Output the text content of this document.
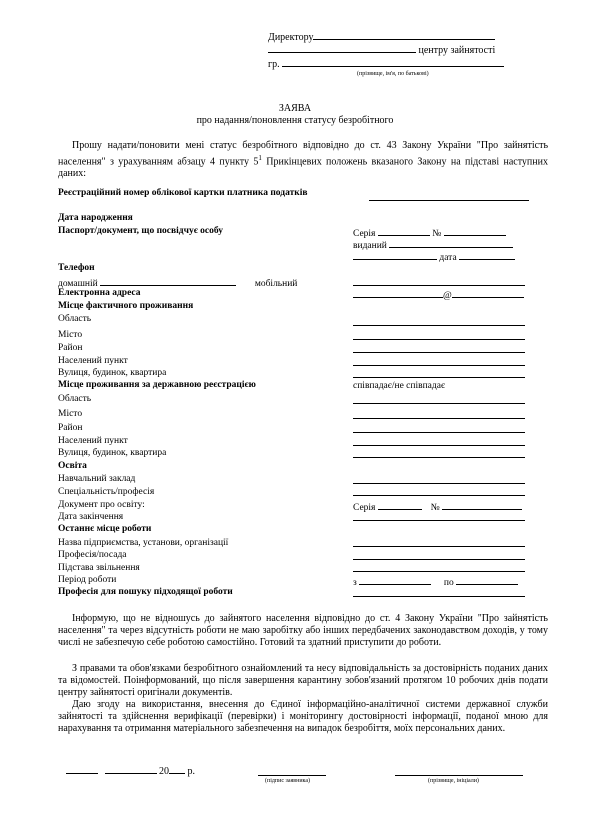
Директору
центру зайнятості
гр.
(прізвище, ім'я, по батькові)
ЗАЯВА
про надання/поновлення статусу безробітного
Прошу надати/поновити мені статус безробітного відповідно до ст. 43 Закону України "Про зайнятість населення" з урахуванням абзацу 4 пункту $5^1$ Прикінцевих положень вказаного Закону на підставі наступних даних:
Реєстраційний номер облікової картки платника податків
Дата народження
Паспорт/документ, що посвідчує особу	Серія	№
виданий
дата
Телефон
домашній	мобільний
Електронна адреса	@
Місце фактичного проживання
Область
Місто
Район
Населений пункт
Вулиця, будинок, квартира
Місце проживання за державною реєстрацією	співпадає/не співпадає
Область
Місто
Район
Населений пункт
Вулиця, будинок, квартира
Освіта
Навчальний заклад
Спеціальність/професія
Документ про освіту:	Серія	№
Дата закінчення
Останнє місце роботи
Назва підприємства, установи, організації
Професія/посада
Підстава звільнення
Період роботи	з	по
Професія для пошуку підходящої роботи
Інформую, що не відношусь до зайнятого населення відповідно до ст. 4 Закону України "Про зайнятість населення" та через відсутність роботи не маю заробітку або інших передбачених законодавством доходів, у тому числі не забезпечую себе роботою самостійно. Готовий та здатний приступити до роботи.
З правами та обов'язками безробітного ознайомлений та несу відповідальність за достовірність поданих даних та відомостей. Поінформований, що після завершення карантину зобов'язаний протягом 10 робочих днів подати центру зайнятості оригінали документів.
Даю згоду на використання, внесення до Єдиної інформаційно-аналітичної системи державної служби зайнятості та здійснення верифікації (перевірки) і моніторингу достовірності інформації, поданої мною для нарахування та отримання матеріального забезпечення на випадок безробіття, моїх персональних даних.
20 р.
(підпис заявника)	(прізвище, ініціали)
